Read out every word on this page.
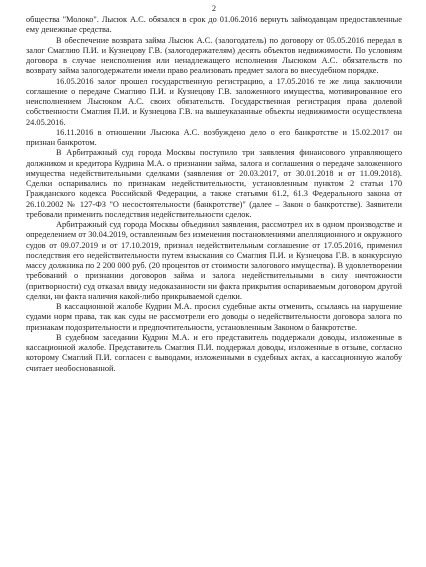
2

общества "Молоко". Лысюк А.С. обязался в срок до 01.06.2016 вернуть займодавцам предоставленные ему денежные средства.

В обеспечение возврата займа Лысюк А.С. (залогодатель) по договору от 05.05.2016 передал в залог Смаглию П.И. и Кузнецову Г.В. (залогодержателям) десять объектов недвижимости. По условиям договора в случае неисполнения или ненадлежащего исполнения Лысюком А.С. обязательств по возврату займа залогодержатели имели право реализовать предмет залога во внесудебном порядке.

16.05.2016 залог прошел государственную регистрацию, а 17.05.2016 те же лица заключили соглашение о передаче Смаглию П.И. и Кузнецову Г.В. заложенного имущества, мотивированное его неисполнением Лысюком А.С. своих обязательств. Государственная регистрация права долевой собственности Смаглия П.И. и Кузнецова Г.В. на вышеуказанные объекты недвижимости осуществлена 24.05.2016.

16.11.2016 в отношении Лысюка А.С. возбуждено дело о его банкротстве и 15.02.2017 он признан банкротом.

В Арбитражный суд города Москвы поступило три заявления финансового управляющего должником и кредитора Кудрина М.А. о признании займа, залога и соглашения о передаче заложенного имущества недействительными сделками (заявления от 20.03.2017, от 30.01.2018 и от 11.09.2018). Сделки оспаривались по признакам недействительности, установленным пунктом 2 статьи 170 Гражданского кодекса Российской Федерации, а также статьями 61.2, 61.3 Федерального закона от 26.10.2002 № 127-ФЗ "О несостоятельности (банкротстве)" (далее – Закон о банкротстве). Заявители требовали применить последствия недействительности сделок.

Арбитражный суд города Москвы объединил заявления, рассмотрел их в одном производстве и определением от 30.04.2019, оставленным без изменения постановлениями апелляционного и окружного судов от 09.07.2019 и от 17.10.2019, признал недействительным соглашение от 17.05.2016, применил последствия его недействительности путем взыскания со Смаглия П.И. и Кузнецова Г.В. в конкурсную массу должника по 2 200 000 руб. (20 процентов от стоимости залогового имущества). В удовлетворении требований о признании договоров займа и залога недействительными в силу ничтожности (притворности) суд отказал ввиду недоказанности ни факта прикрытия оспариваемым договором другой сделки, ни факта наличия какой-либо прикрываемой сделки.

В кассационной жалобе Кудрин М.А. просил судебные акты отменить, ссылаясь на нарушение судами норм права, так как суды не рассмотрели его доводы о недействительности договора залога по признакам подозрительности и предпочтительности, установленным Законом о банкротстве.

В судебном заседании Кудрин М.А. и его представитель поддержали доводы, изложенные в кассационной жалобе. Представитель Смаглия П.И. поддержал доводы, изложенные в отзыве, согласно которому Смаглий П.И. согласен с выводами, изложенными в судебных актах, а кассационную жалобу считает необоснованной.
